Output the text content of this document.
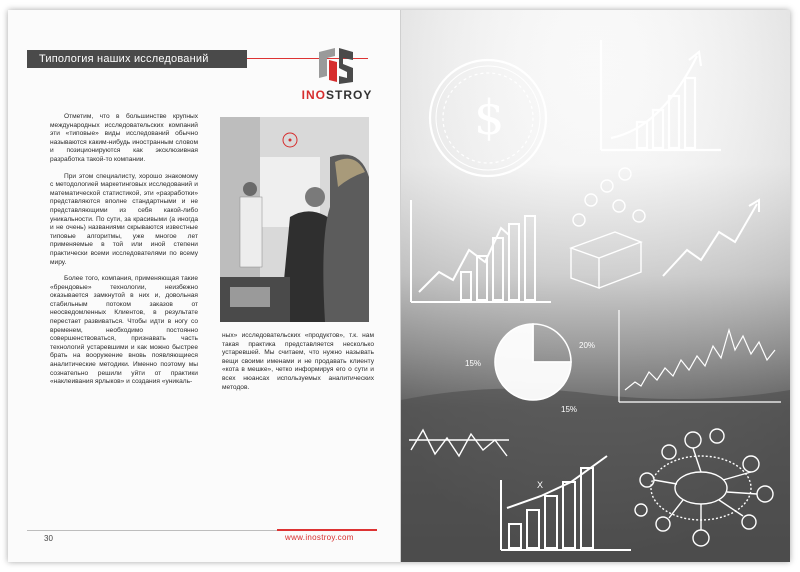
Типология наших исследований
INOSTROY

Отметим, что в большинстве крупных международных исследовательских компаний эти «типовые» виды исследований обычно называются каким-нибудь иностранным словом и позиционируются как эксклюзивная разработка такой-то компании.

При этом специалисту, хорошо знакомому с методологией маркетинговых исследований и математической статистикой, эти «разработки» представляются вполне стандартными и не представляющими из себя какой-либо уникальности. По сути, за красивыми (а иногда и не очень) названиями скрываются известные типовые алгоритмы, уже многое лет применяемые в той или иной степени практически всеми исследователями по всему миру.

Более того, компания, применяющая такие «брендовые» технологии, неизбежно оказывается замкнутой в них и, довольная стабильным потоком заказов от неосведомленных Клиентов, в результате перестает развиваться. Чтобы идти в ногу со временем, необходимо постоянно совершенствоваться, признавать часть технологий устаревшими и как можно быстрее брать на вооружение вновь появляющиеся аналитические методики. Именно поэтому мы сознательно решили уйти от практики «наклеивания ярлыков» и создания «уникаль-

ных» исследовательских «продуктов», т.к. нам такая практика представляется несколько устаревшей. Мы считаем, что нужно называть вещи своими именами и не продавать клиенту «кота в мешке», четко информируя его о сути и всех нюансах используемых аналитических методов.

30	www.inostroy.com
$
15%
20%
15%
X
